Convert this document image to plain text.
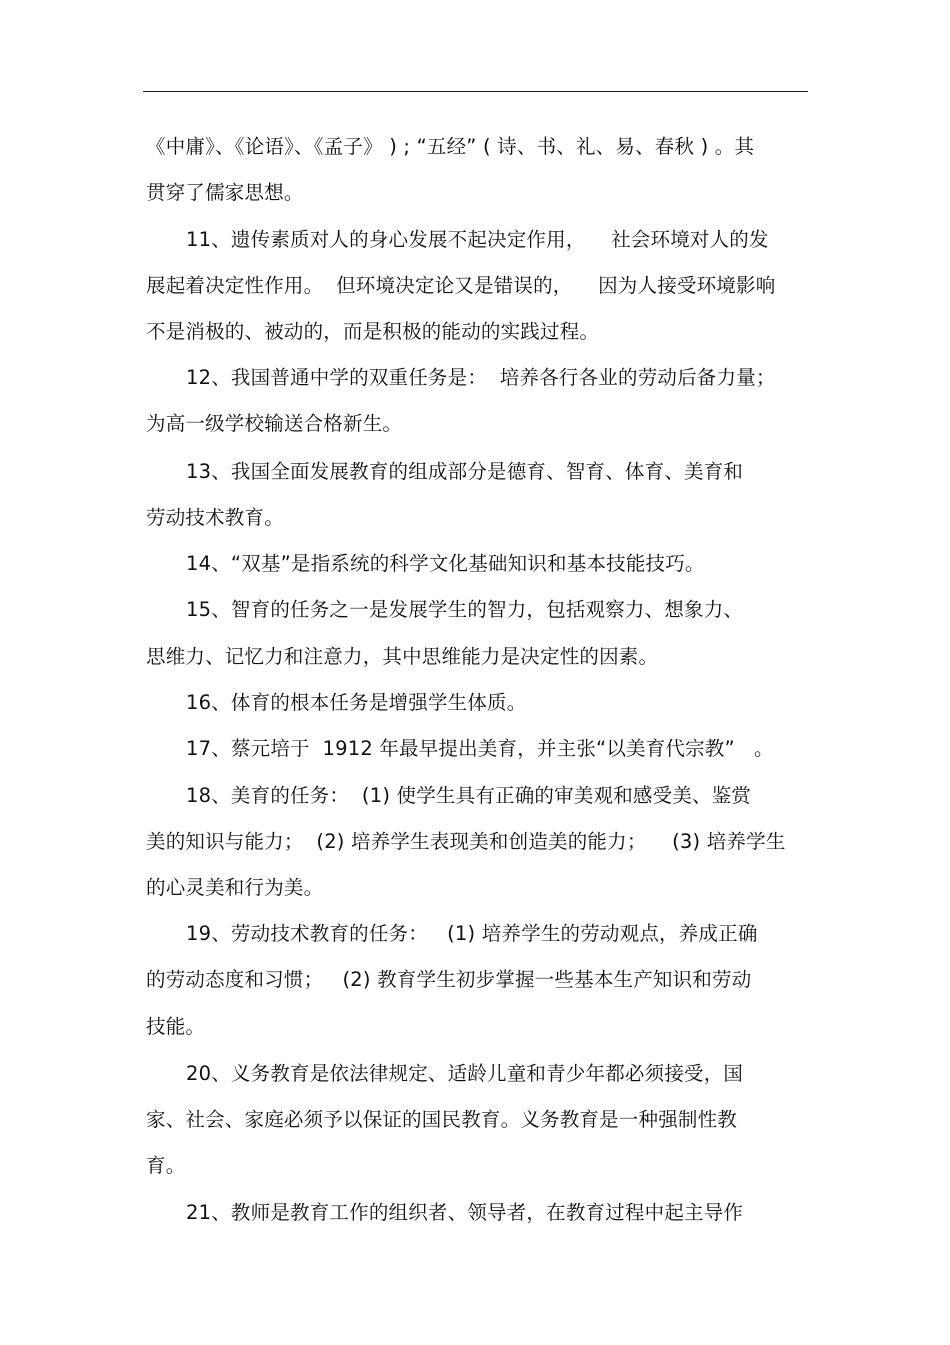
《中庸》、《论语》、《孟子》 ) ; “五经” ( 诗、书、礼、易、春秋 ) 。其
贯穿了儒家思想。
11、遗传素质对人的身心发展不起决定作用，    社会环境对人的发
展起着决定性作用。  但环境决定论又是错误的，    因为人接受环境影响
不是消极的、被动的，而是积极的能动的实践过程。
12、我国普通中学的双重任务是：  培养各行各业的劳动后备力量；
为高一级学校输送合格新生。
13、我国全面发展教育的组成部分是德育、智育、体育、美育和
劳动技术教育。
14、“双基”是指系统的科学文化基础知识和基本技能技巧。
15、智育的任务之一是发展学生的智力，包括观察力、想象力、
思维力、记忆力和注意力，其中思维能力是决定性的因素。
16、体育的根本任务是增强学生体质。
17、蔡元培于  1912 年最早提出美育，并主张“以美育代宗教”   。
18、美育的任务：  (1) 使学生具有正确的审美观和感受美、鉴赏
美的知识与能力；  (2) 培养学生表现美和创造美的能力；    (3) 培养学生
的心灵美和行为美。
19、劳动技术教育的任务：   (1) 培养学生的劳动观点，养成正确
的劳动态度和习惯；   (2) 教育学生初步掌握一些基本生产知识和劳动
技能。
20、义务教育是依法律规定、适龄儿童和青少年都必须接受，国
家、社会、家庭必须予以保证的国民教育。义务教育是一种强制性教
育。
21、教师是教育工作的组织者、领导者，在教育过程中起主导作
